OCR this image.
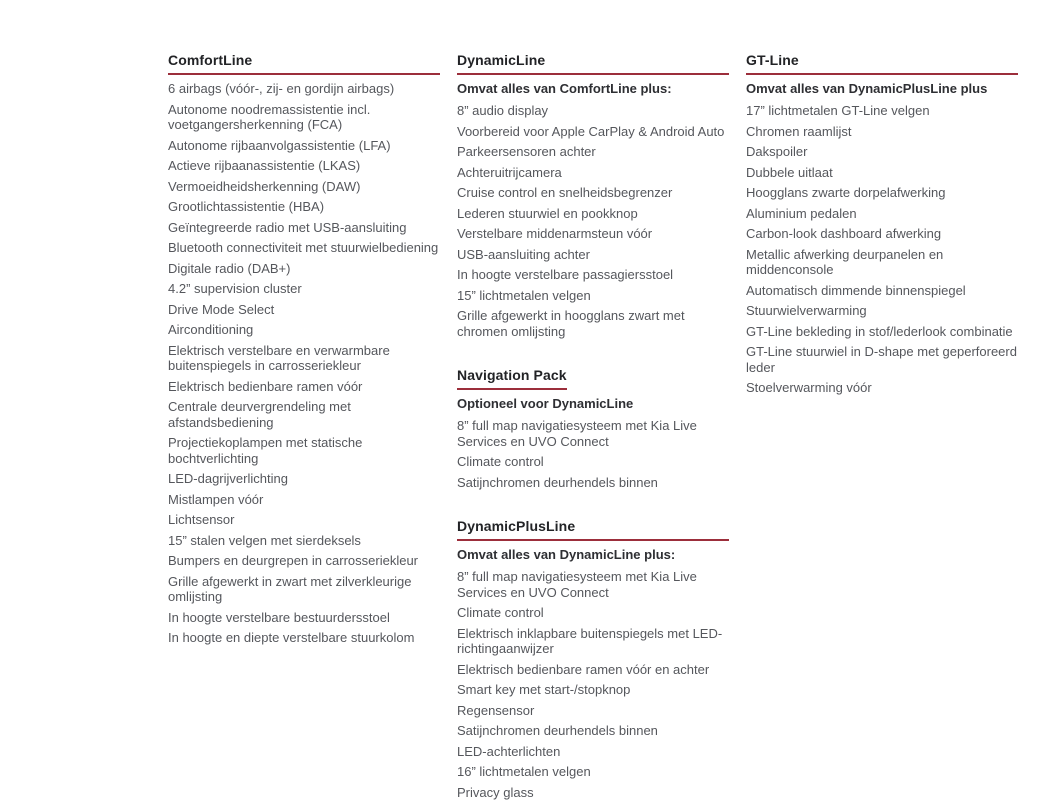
ComfortLine
6 airbags (vóór-, zij- en gordijn airbags)
Autonome noodremassistentie incl. voetgangersherkenning (FCA)
Autonome rijbaanvolgassistentie (LFA)
Actieve rijbaanassistentie (LKAS)
Vermoeidheidsherkenning (DAW)
Grootlichtassistentie (HBA)
Geïntegreerde radio met USB-aansluiting
Bluetooth connectiviteit met stuurwielbediening
Digitale radio (DAB+)
4.2” supervision cluster
Drive Mode Select
Airconditioning
Elektrisch verstelbare en verwarmbare buitenspiegels in carrosseriekleur
Elektrisch bedienbare ramen vóór
Centrale deurvergrendeling met afstandsbediening
Projectiekoplampen met statische bochtverlichting
LED-dagrijverlichting
Mistlampen vóór
Lichtsensor
15” stalen velgen met sierdeksels
Bumpers en deurgrepen in carrosseriekleur
Grille afgewerkt in zwart met zilverkleurige omlijsting
In hoogte verstelbare bestuurdersstoel
In hoogte en diepte verstelbare stuurkolom
DynamicLine

Omvat alles van ComfortLine plus:

8” audio display
Voorbereid voor Apple CarPlay & Android Auto
Parkeersensoren achter
Achteruitrijcamera
Cruise control en snelheidsbegrenzer
Lederen stuurwiel en pookknop
Verstelbare middenarmsteun vóór
USB-aansluiting achter
In hoogte verstelbare passagiersstoel
15” lichtmetalen velgen
Grille afgewerkt in hoogglans zwart met chromen omlijsting
Navigation Pack

Optioneel voor DynamicLine

8” full map navigatiesysteem met Kia Live Services en UVO Connect
Climate control
Satijnchromen deurhendels binnen
DynamicPlusLine

Omvat alles van DynamicLine plus:

8” full map navigatiesysteem met Kia Live Services en UVO Connect
Climate control
Elektrisch inklapbare buitenspiegels met LED-richtingaanwijzer
Elektrisch bedienbare ramen vóór en achter
Smart key met start-/stopknop
Regensensor
Satijnchromen deurhendels binnen
LED-achterlichten
16” lichtmetalen velgen
Privacy glass
GT-Line

Omvat alles van DynamicPlusLine plus

17” lichtmetalen GT-Line velgen
Chromen raamlijst
Dakspoiler
Dubbele uitlaat
Hoogglans zwarte dorpelafwerking
Aluminium pedalen
Carbon-look dashboard afwerking
Metallic afwerking deurpanelen en middenconsole
Automatisch dimmende binnenspiegel
Stuurwielverwarming
GT-Line bekleding in stof/lederlook combinatie
GT-Line stuurwiel in D-shape met geperforeerd leder
Stoelverwarming vóór
